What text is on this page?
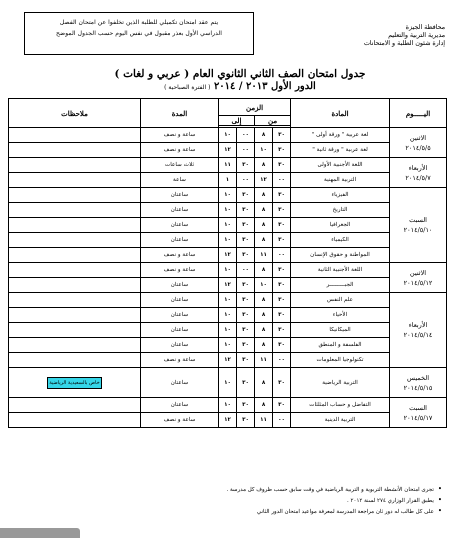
يتم عقد امتحان تكميلي للطلبة الذين تخلفوا عن امتحان الفصل
الدراسي الأول بعذر مقبول في نفس اليوم حسب الجدول الموضح
محافظة الجيزة
مديرية التربية والتعليم
إدارة شئون الطلبة و الامتحانات
جدول امتحان الصف الثاني الثانوي العام ( عربي و لغات )
الدور الأول ٢٠١٣ / ٢٠١٤ ( الفترة الصباحية )
اليـــــوم	المادة	الزمن				المدة	ملاحظات
		من		إلى			

الاثنين
٢٠١٤/٥/٥	لغة عربية " ورقة أولى "	٣٠	٨	٠٠	١٠	ساعة و نصف	
	لغة عربية " ورقة ثانية "	٣٠	١٠	٠٠	١٢	ساعة و نصف	

الأربعاء
٢٠١٤/٥/٧	اللغة الأجنبية الأولى	٣٠	٨	٣٠	١١	ثلاث ساعات	
	التربية المهنية	٠٠	١٢	٠٠	١	ساعة	

السبت
٢٠١٤/٥/١٠	الفيزياء	٣٠	٨	٣٠	١٠	ساعتان	
	التاريخ	٣٠	٨	٣٠	١٠	ساعتان	
	الجغرافيا	٣٠	٨	٣٠	١٠	ساعتان	
	الكيمياء	٣٠	٨	٣٠	١٠	ساعتان	
	المواطنة و حقوق الإنسان	٠٠	١١	٣٠	١٢	ساعة و نصف	

الاثنين
٢٠١٤/٥/١٢	اللغة الأجنبية الثانية	٣٠	٨	٠٠	١٠	ساعة و نصف	
	الجبـــــــــر	٣٠	١٠	٣٠	١٢	ساعتان	

الأربعاء
٢٠١٤/٥/١٤	علم النفس	٣٠	٨	٣٠	١٠	ساعتان	
	الأحياء	٣٠	٨	٣٠	١٠	ساعتان	
	الميكانيكا	٣٠	٨	٣٠	١٠	ساعتان	
	الفلسفة و المنطق	٣٠	٨	٣٠	١٠	ساعتان	
	تكنولوجيا المعلومات	٠٠	١١	٣٠	١٢	ساعة و نصف	

الخميس
٢٠١٤/٥/١٥	التربية الرياضية	٣٠	٨	٣٠	١٠	ساعتان	خاص بالسعيدية الرياضية

السبت
٢٠١٤/٥/١٧	التفاضل و حساب المثلثات	٣٠	٨	٣٠	١٠	ساعتان	
	التربية الدينية	٠٠	١١	٣٠	١٢	ساعة و نصف	

•تجرى امتحان الأنشطة التربوية و التربية الرياضية في وقت سابق حسب ظروف كل مدرسة .

•يطبق القرار الوزاري ٢٧٤ لسنة ٢٠١٢ .

•على كل طالب له دور ثان مراجعة المدرسة لمعرفة مواعيد امتحان الدور الثاني
